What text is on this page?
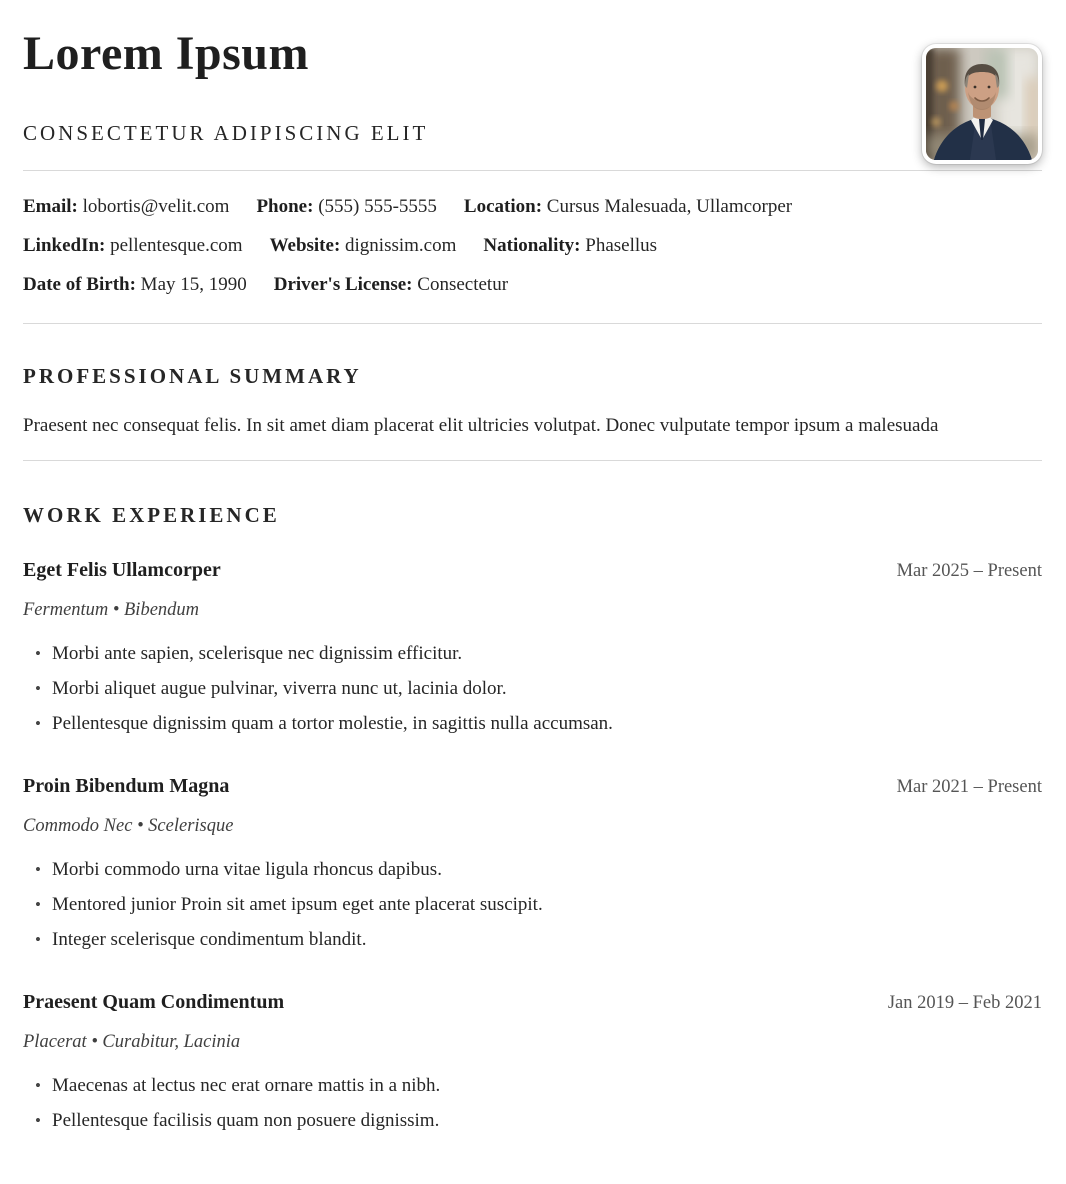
Lorem Ipsum
CONSECTETUR ADIPISCING ELIT
Email: lobortis@velit.com Phone: (555) 555-5555 Location: Cursus Malesuada, Ullamcorper
LinkedIn: pellentesque.com Website: dignissim.com Nationality: Phasellus
Date of Birth: May 15, 1990 Driver's License: Consectetur
PROFESSIONAL SUMMARY

Praesent nec consequat felis. In sit amet diam placerat elit ultricies volutpat. Donec vulputate tempor ipsum a malesuada

WORK EXPERIENCE
Eget Felis Ullamcorper	Mar 2025 – Present
Fermentum • Bibendum
• Morbi ante sapien, scelerisque nec dignissim efficitur.
• Morbi aliquet augue pulvinar, viverra nunc ut, lacinia dolor.
• Pellentesque dignissim quam a tortor molestie, in sagittis nulla accumsan.
Proin Bibendum Magna	Mar 2021 – Present
Commodo Nec • Scelerisque
• Morbi commodo urna vitae ligula rhoncus dapibus.
• Mentored junior Proin sit amet ipsum eget ante placerat suscipit.
• Integer scelerisque condimentum blandit.
Praesent Quam Condimentum	Jan 2019 – Feb 2021
Placerat • Curabitur, Lacinia
• Maecenas at lectus nec erat ornare mattis in a nibh.
• Pellentesque facilisis quam non posuere dignissim.
